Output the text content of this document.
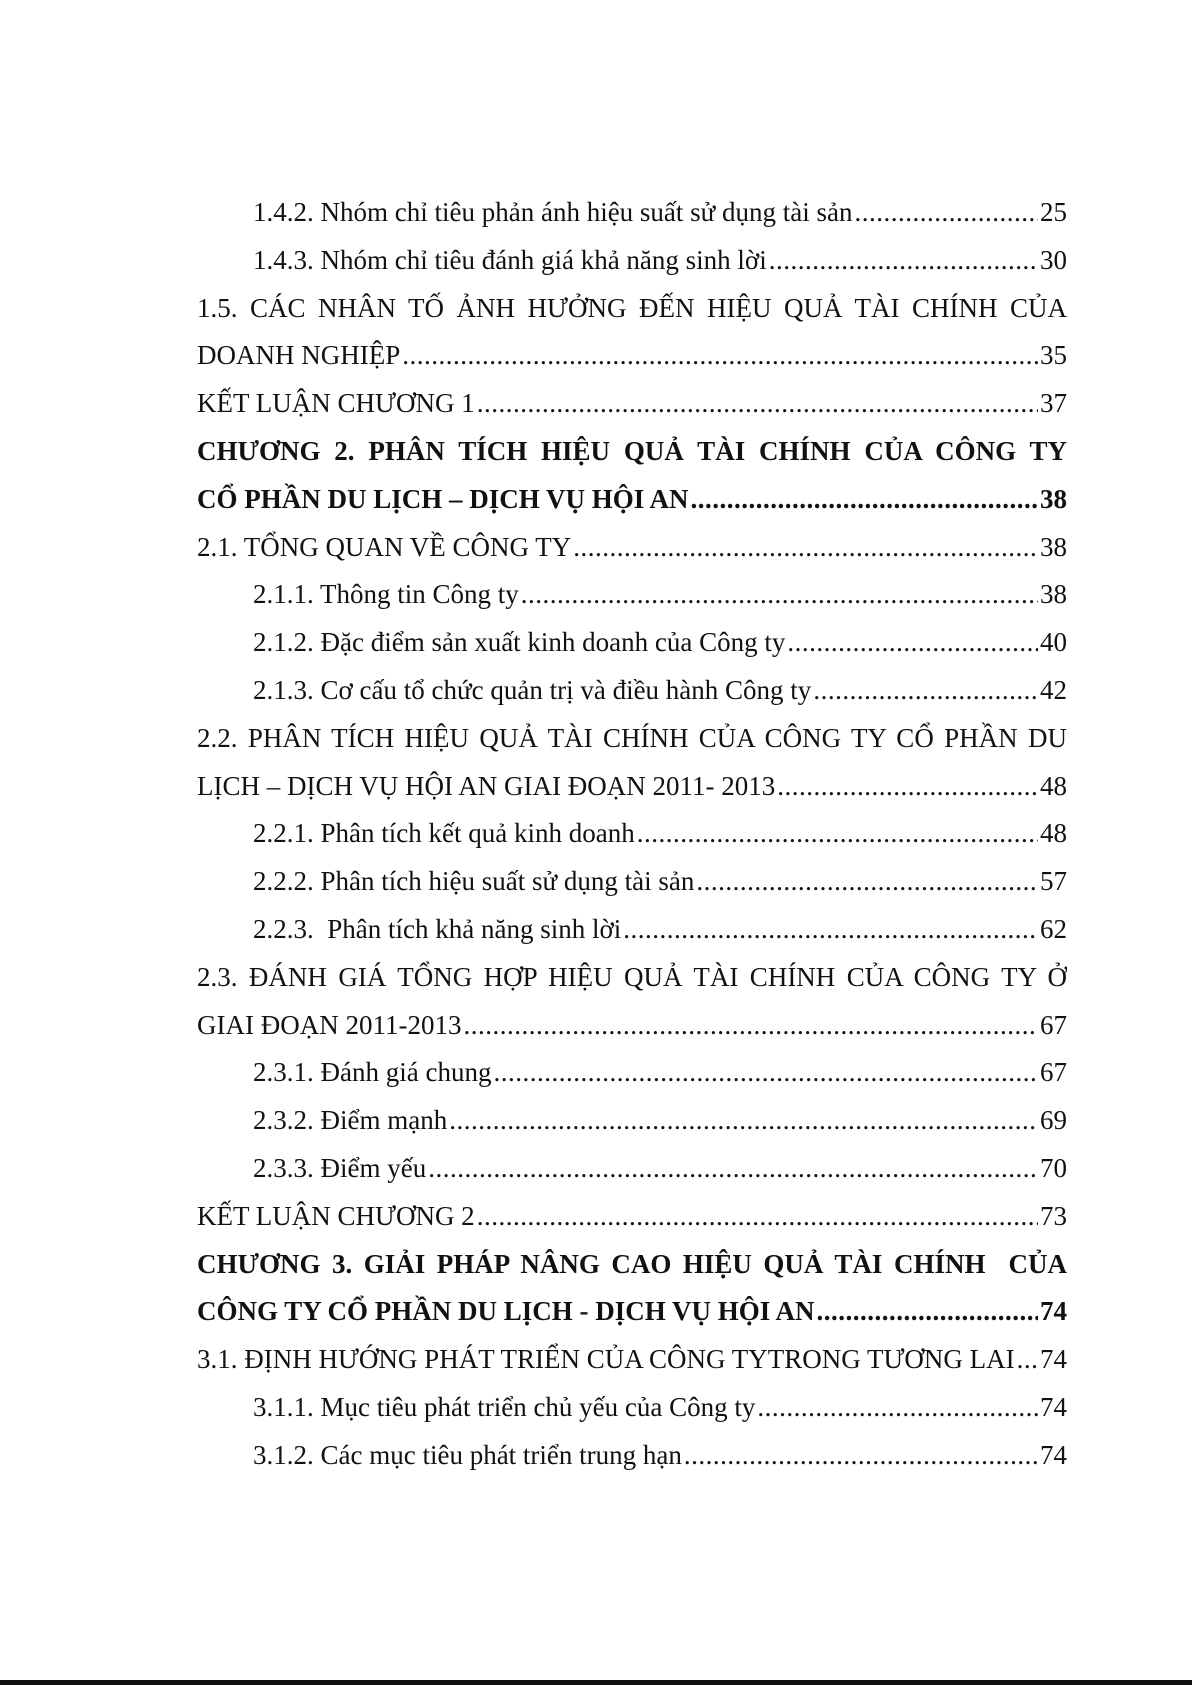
1.4.2. Nhóm chỉ tiêu phản ánh hiệu suất sử dụng tài sản .....	25
1.4.3. Nhóm chỉ tiêu đánh giá khả năng sinh lời .....	30
1.5. CÁC NHÂN TỐ ẢNH HƯỞNG ĐẾN HIỆU QUẢ TÀI CHÍNH CỦA
DOANH NGHIỆP .....	35
KẾT LUẬN CHƯƠNG 1 .....	37
CHƯƠNG 2. PHÂN TÍCH HIỆU QUẢ TÀI CHÍNH CỦA CÔNG TY
CỔ PHẦN DU LỊCH – DỊCH VỤ HỘI AN .....	38
2.1. TỔNG QUAN VỀ CÔNG TY .....	38
2.1.1. Thông tin Công ty .....	38
2.1.2. Đặc điểm sản xuất kinh doanh của Công ty .....	40
2.1.3. Cơ cấu tổ chức quản trị và điều hành Công ty .....	42
2.2. PHÂN TÍCH HIỆU QUẢ TÀI CHÍNH CỦA CÔNG TY CỔ PHẦN DU
LỊCH – DỊCH VỤ HỘI AN GIAI ĐOẠN 2011- 2013 .....	48
2.2.1. Phân tích kết quả kinh doanh .....	48
2.2.2. Phân tích hiệu suất sử dụng tài sản .....	57
2.2.3.  Phân tích khả năng sinh lời .....	62
2.3. ĐÁNH GIÁ TỔNG HỢP HIỆU QUẢ TÀI CHÍNH CỦA CÔNG TY Ở
GIAI ĐOẠN 2011-2013 .....	67
2.3.1. Đánh giá chung .....	67
2.3.2. Điểm mạnh .....	69
2.3.3. Điểm yếu .....	70
KẾT LUẬN CHƯƠNG 2 .....	73
CHƯƠNG 3. GIẢI PHÁP NÂNG CAO HIỆU QUẢ TÀI CHÍNH  CỦA
CÔNG TY CỔ PHẦN DU LỊCH - DỊCH VỤ HỘI AN .....	74
3.1. ĐỊNH HƯỚNG PHÁT TRIỂN CỦA CÔNG TYTRONG TƯƠNG LAI ..... 74
3.1.1. Mục tiêu phát triển chủ yếu của Công ty .....	74
3.1.2. Các mục tiêu phát triển trung hạn .....	74
